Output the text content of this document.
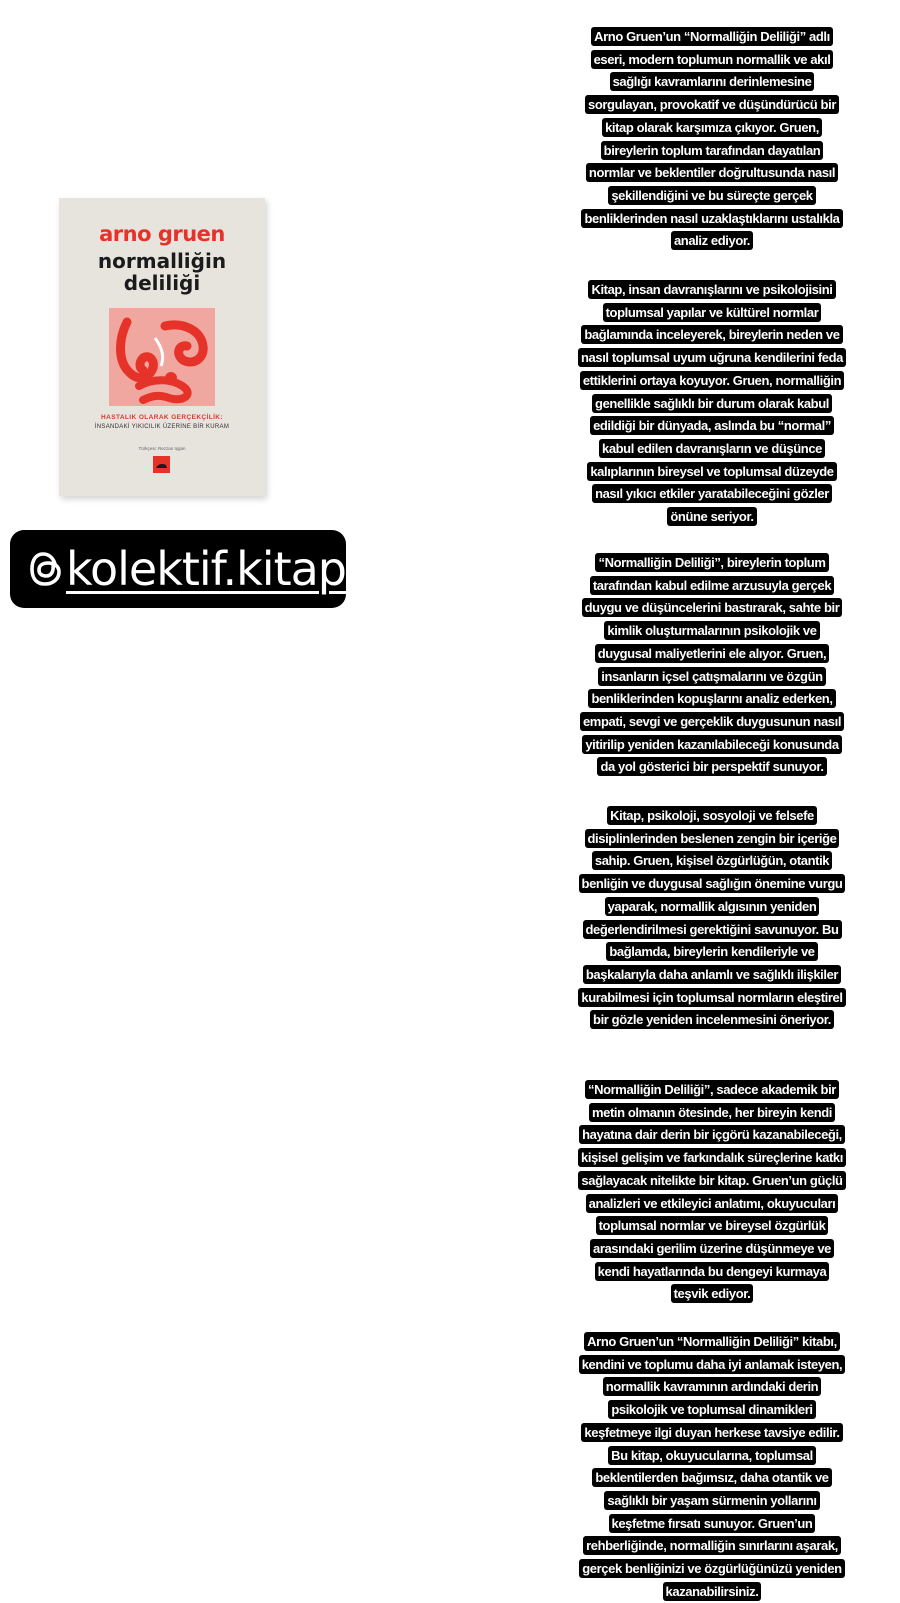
arno gruen
normalliğin
deliliği
HASTALIK OLARAK GERÇEKÇİLİK:
İNSANDAKİ YIKICILIK ÜZERİNE BİR KURAM
Türkçesi: Rezzan Işgan
kolektif.kitap
Arno Gruen’un “Normalliğin Deliliği” adlı eseri, modern toplumun normallik ve akıl sağlığı kavramlarını derinlemesine sorgulayan, provokatif ve düşündürücü bir kitap olarak karşımıza çıkıyor. Gruen, bireylerin toplum tarafından dayatılan normlar ve beklentiler doğrultusunda nasıl şekillendiğini ve bu süreçte gerçek benliklerinden nasıl uzaklaştıklarını ustalıkla analiz ediyor.
Kitap, insan davranışlarını ve psikolojisini toplumsal yapılar ve kültürel normlar bağlamında inceleyerek, bireylerin neden ve nasıl toplumsal uyum uğruna kendilerini feda ettiklerini ortaya koyuyor. Gruen, normalliğin genellikle sağlıklı bir durum olarak kabul edildiği bir dünyada, aslında bu “normal” kabul edilen davranışların ve düşünce kalıplarının bireysel ve toplumsal düzeyde nasıl yıkıcı etkiler yaratabileceğini gözler önüne seriyor.
“Normalliğin Deliliği”, bireylerin toplum tarafından kabul edilme arzusuyla gerçek duygu ve düşüncelerini bastırarak, sahte bir kimlik oluşturmalarının psikolojik ve duygusal maliyetlerini ele alıyor. Gruen, insanların içsel çatışmalarını ve özgün benliklerinden kopuşlarını analiz ederken, empati, sevgi ve gerçeklik duygusunun nasıl yitirilip yeniden kazanılabileceği konusunda da yol gösterici bir perspektif sunuyor.
Kitap, psikoloji, sosyoloji ve felsefe disiplinlerinden beslenen zengin bir içeriğe sahip. Gruen, kişisel özgürlüğün, otantik benliğin ve duygusal sağlığın önemine vurgu yaparak, normallik algısının yeniden değerlendirilmesi gerektiğini savunuyor. Bu bağlamda, bireylerin kendileriyle ve başkalarıyla daha anlamlı ve sağlıklı ilişkiler kurabilmesi için toplumsal normların eleştirel bir gözle yeniden incelenmesini öneriyor.
“Normalliğin Deliliği”, sadece akademik bir metin olmanın ötesinde, her bireyin kendi hayatına dair derin bir içgörü kazanabileceği, kişisel gelişim ve farkındalık süreçlerine katkı sağlayacak nitelikte bir kitap. Gruen’un güçlü analizleri ve etkileyici anlatımı, okuyucuları toplumsal normlar ve bireysel özgürlük arasındaki gerilim üzerine düşünmeye ve kendi hayatlarında bu dengeyi kurmaya teşvik ediyor.
Arno Gruen’un “Normalliğin Deliliği” kitabı, kendini ve toplumu daha iyi anlamak isteyen, normallik kavramının ardındaki derin psikolojik ve toplumsal dinamikleri keşfetmeye ilgi duyan herkese tavsiye edilir. Bu kitap, okuyucularına, toplumsal beklentilerden bağımsız, daha otantik ve sağlıklı bir yaşam sürmenin yollarını keşfetme fırsatı sunuyor. Gruen’un rehberliğinde, normalliğin sınırlarını aşarak, gerçek benliğinizi ve özgürlüğünüzü yeniden kazanabilirsiniz.
